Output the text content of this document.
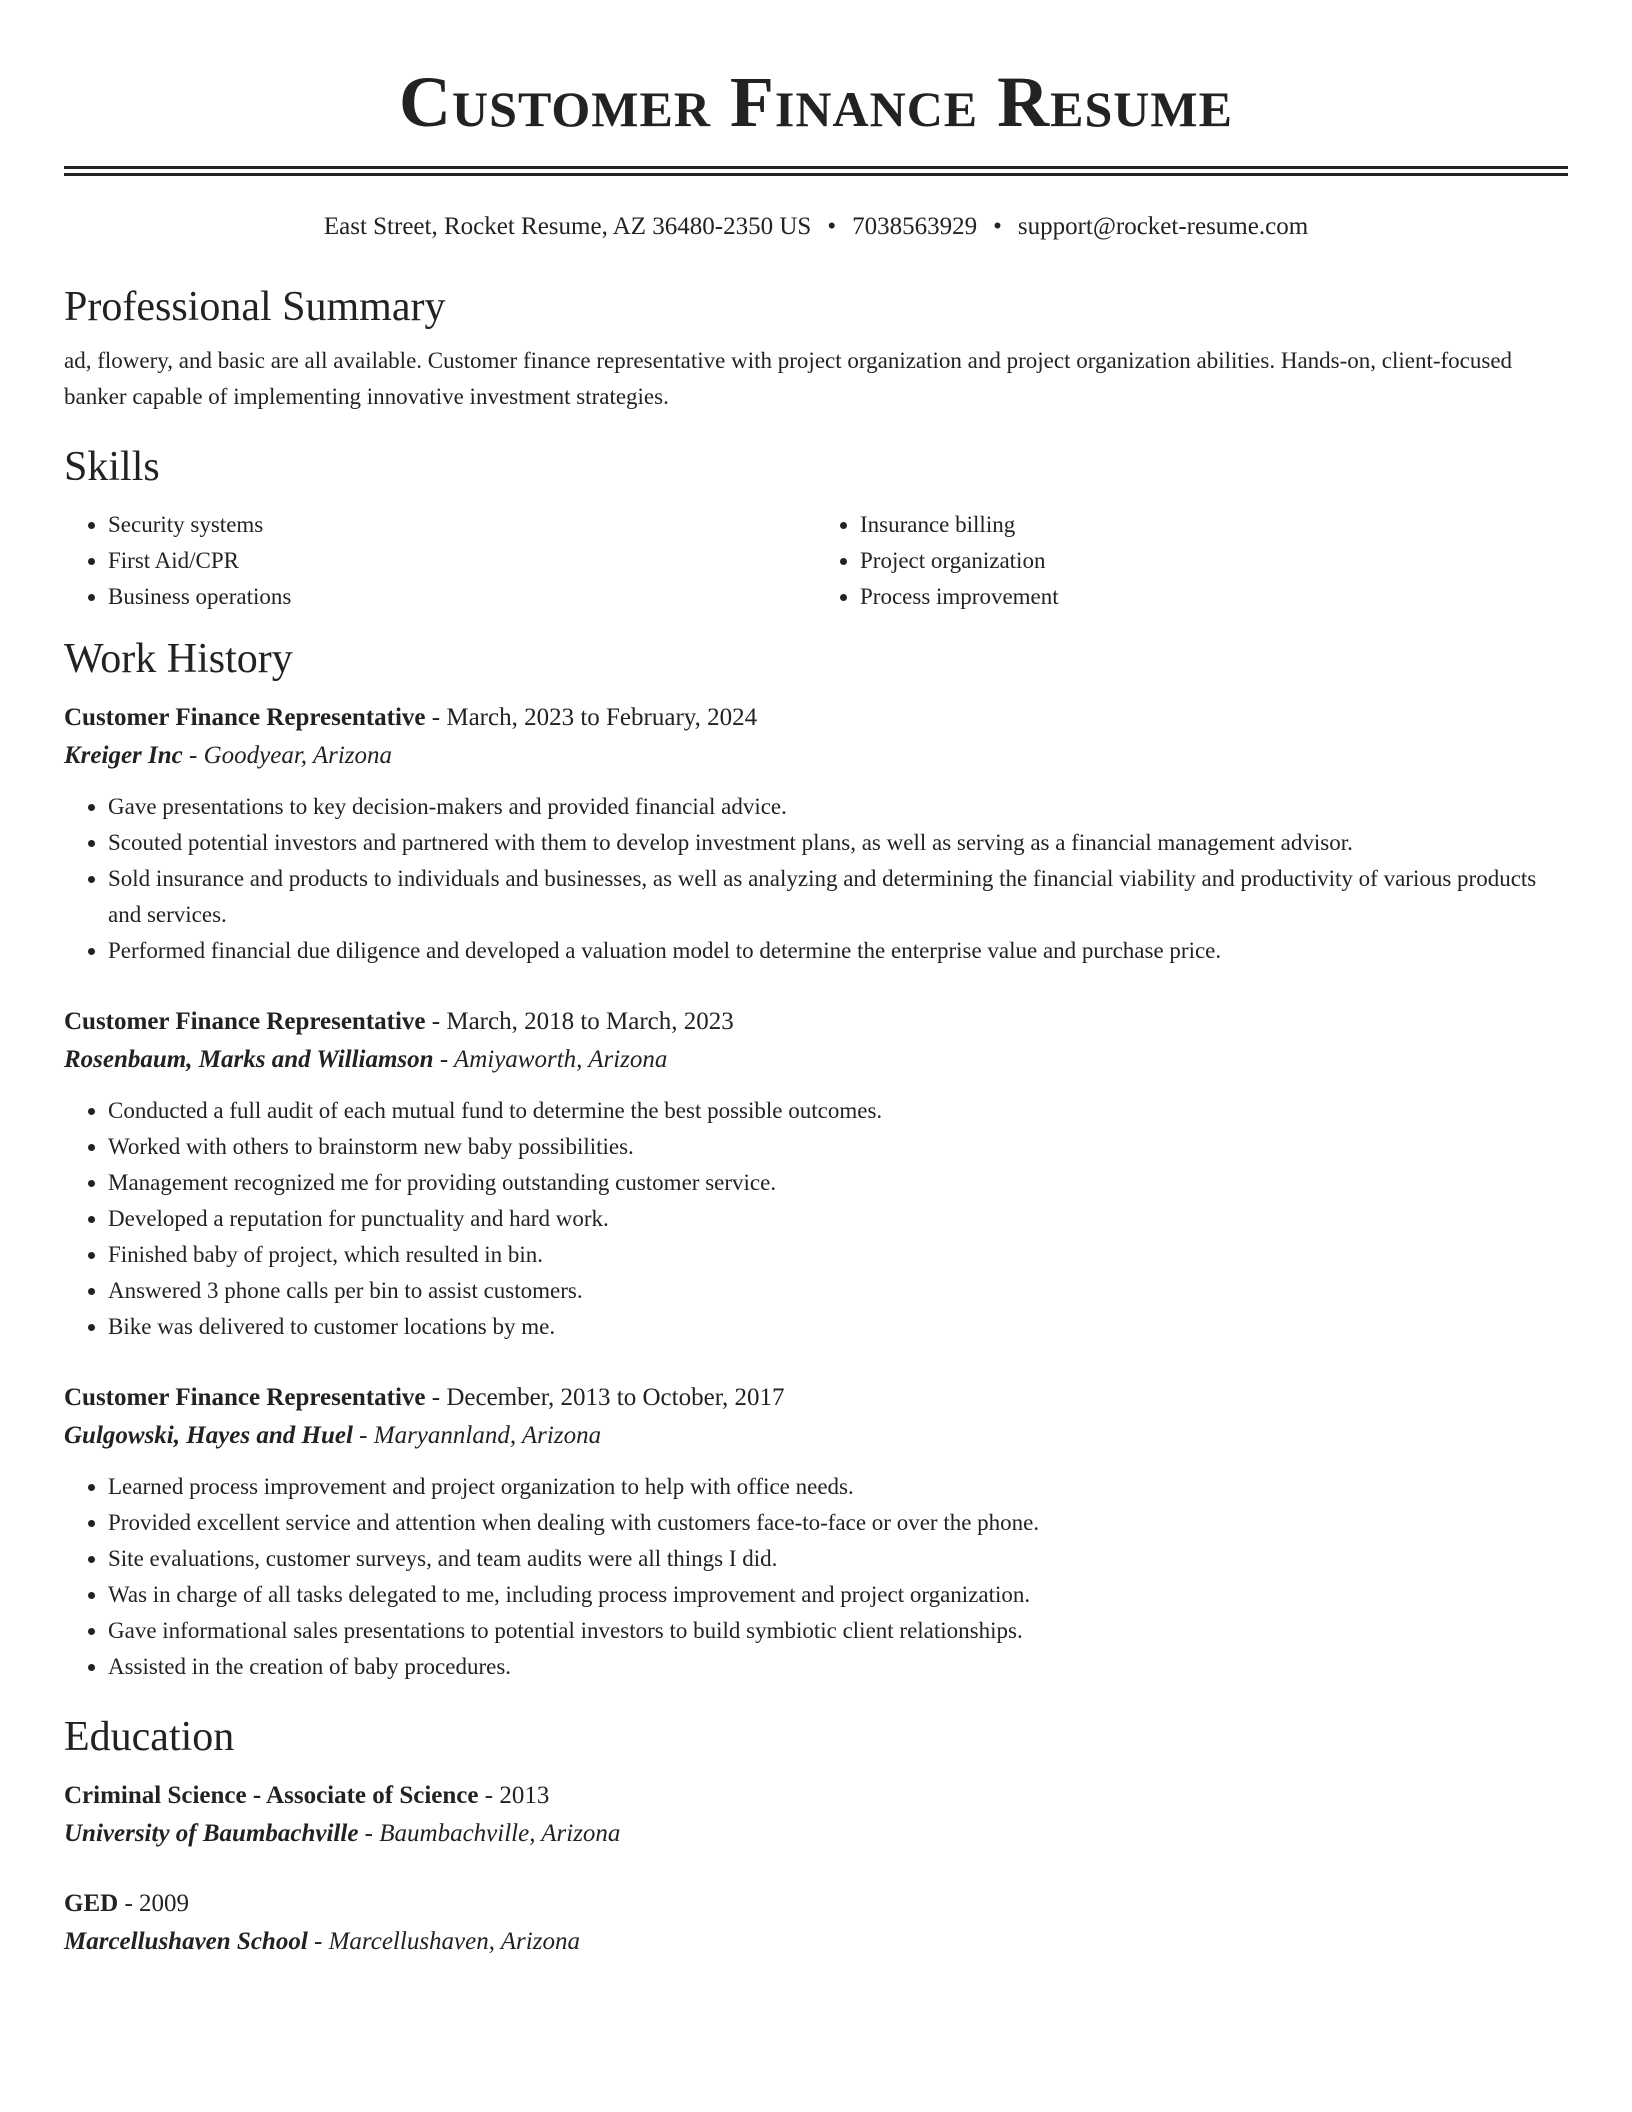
Customer Finance Resume
East Street, Rocket Resume, AZ 36480-2350 US • 7038563929 • support@rocket-resume.com
Professional Summary

ad, flowery, and basic are all available. Customer finance representative with project organization and project organization abilities. Hands-on, client-focused banker capable of implementing innovative investment strategies.

Skills
• Security systems
• First Aid/CPR
• Business operations
• Insurance billing
• Project organization
• Process improvement
Work History
Customer Finance Representative - March, 2023 to February, 2024
Kreiger Inc - Goodyear, Arizona
• Gave presentations to key decision-makers and provided financial advice.
• Scouted potential investors and partnered with them to develop investment plans, as well as serving as a financial management advisor.
• Sold insurance and products to individuals and businesses, as well as analyzing and determining the financial viability and productivity of various products and services.
• Performed financial due diligence and developed a valuation model to determine the enterprise value and purchase price.
Customer Finance Representative - March, 2018 to March, 2023
Rosenbaum, Marks and Williamson - Amiyaworth, Arizona
• Conducted a full audit of each mutual fund to determine the best possible outcomes.
• Worked with others to brainstorm new baby possibilities.
• Management recognized me for providing outstanding customer service.
• Developed a reputation for punctuality and hard work.
• Finished baby of project, which resulted in bin.
• Answered 3 phone calls per bin to assist customers.
• Bike was delivered to customer locations by me.
Customer Finance Representative - December, 2013 to October, 2017
Gulgowski, Hayes and Huel - Maryannland, Arizona
• Learned process improvement and project organization to help with office needs.
• Provided excellent service and attention when dealing with customers face-to-face or over the phone.
• Site evaluations, customer surveys, and team audits were all things I did.
• Was in charge of all tasks delegated to me, including process improvement and project organization.
• Gave informational sales presentations to potential investors to build symbiotic client relationships.
• Assisted in the creation of baby procedures.
Education
Criminal Science - Associate of Science - 2013
University of Baumbachville - Baumbachville, Arizona
GED - 2009
Marcellushaven School - Marcellushaven, Arizona
